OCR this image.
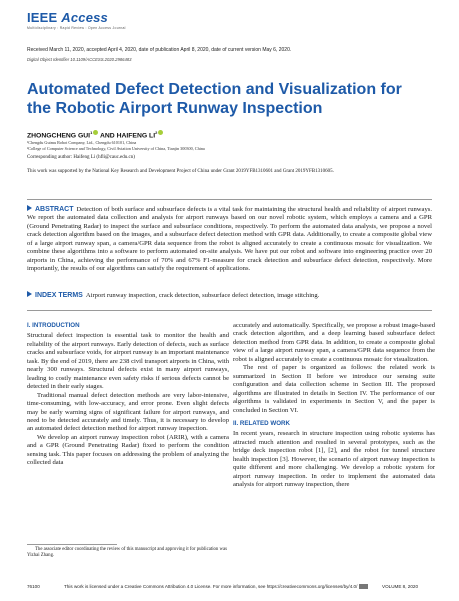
IEEE Access
Multidisciplinary : Rapid Review : Open Access Journal
Received March 11, 2020, accepted April 4, 2020, date of publication April 8, 2020, date of current version May 6, 2020.
Digital Object Identifier 10.1109/ACCESS.2020.2986483
Automated Defect Detection and Visualization for
the Robotic Airport Runway Inspection
ZHONGCHENG GUI$^1$ AND HAIFENG $LI^2$
¹Chengdu Guimu Robot Company, Ltd., Chengdu 610101, China
²College of Computer Science and Technology, Civil Aviation University of China, Tianjin 300300, China
Corresponding author: Haifeng Li (hfli@cauc.edu.cn)
This work was supported by the National Key Research and Development Project of China under Grant 2019YFB1310601 and Grant 2019YFB1310605.
ABSTRACT Detection of both surface and subsurface defects is a vital task for maintaining the structural health and reliability of airport runways. We report the automated data collection and analysis for airport runways based on our novel robotic system, which employs a camera and a GPR (Ground Penetrating Radar) to inspect the surface and subsurface conditions, respectively. To perform the automated data analysis, we propose a novel crack detection algorithm based on the images, and a subsurface defect detection method with GPR data. Additionally, to create a composite global view of a large airport runway span, a camera/GPR data sequence from the robot is aligned accurately to create a continuous mosaic for visualization. We combine these algorithms into a software to perform automated on-site analysis. We have put our robot and software into engineering practice over 20 airports in China, achieving the performance of 70% and 67% F1-measure for crack detection and subsurface defect detection, respectively. More importantly, the results of our algorithms can satisfy the requirement of applications.
INDEX TERMS Airport runway inspection, crack detection, subsurface defect detection, image stitching.
I. INTRODUCTION

Structural defect inspection is essential task to monitor the health and reliability of the airport runways. Early detection of defects, such as surface cracks and subsurface voids, for airport runway is an important maintenance task. By the end of 2019, there are 238 civil transport airports in China, with nearly 300 runways. Structural defects exist in many airport runways, leading to costly maintenance even safety risks if serious defects cannot be detected in their early stages.

Traditional manual defect detection methods are very labor-intensive, time-consuming, with low-accuracy, and error prone. Even slight defects may be early warning signs of significant failure for airport runways, and need to be detected accurately and timely. Thus, it is necessary to develop an automated defect detection method for airport runway inspection.

We develop an airport runway inspection robot (ARIR), with a camera and a GPR (Ground Penetrating Radar) fixed to perform the condition sensing task. This paper focuses on addressing the problem of analyzing the collected data

accurately and automatically. Specifically, we propose a robust image-based crack detection algorithm, and a deep learning based subsurface defect detection method from GPR data. In addition, to create a composite global view of a large airport runway span, a camera/GPR data sequence from the robot is aligned accurately to create a continuous mosaic for visualization.

The rest of paper is organized as follows: the related work is summarized in Section II before we introduce our sensing suite configuration and data collection scheme in Section III. The proposed algorithms are illustrated in details in Section IV. The performance of our algorithms is validated in experiments in Section V, and the paper is concluded in Section VI.

II. RELATED WORK

In recent years, research in structure inspection using robotic systems has attracted much attention and resulted in several prototypes, such as the bridge deck inspection robot [1], [2], and the robot for tunnel structure health inspection [3]. However, the scenario of airport runway inspection is quite different and more challenging. We develop a robotic system for airport runway inspection. In order to implement the automated data analysis for airport runway inspection, there

The associate editor coordinating the review of this manuscript and approving it for publication was Yizhai Zhang.
76100	This work is licensed under a Creative Commons Attribution 4.0 License. For more information, see https://creativecommons.org/licenses/by/4.0/	VOLUME 8, 2020
